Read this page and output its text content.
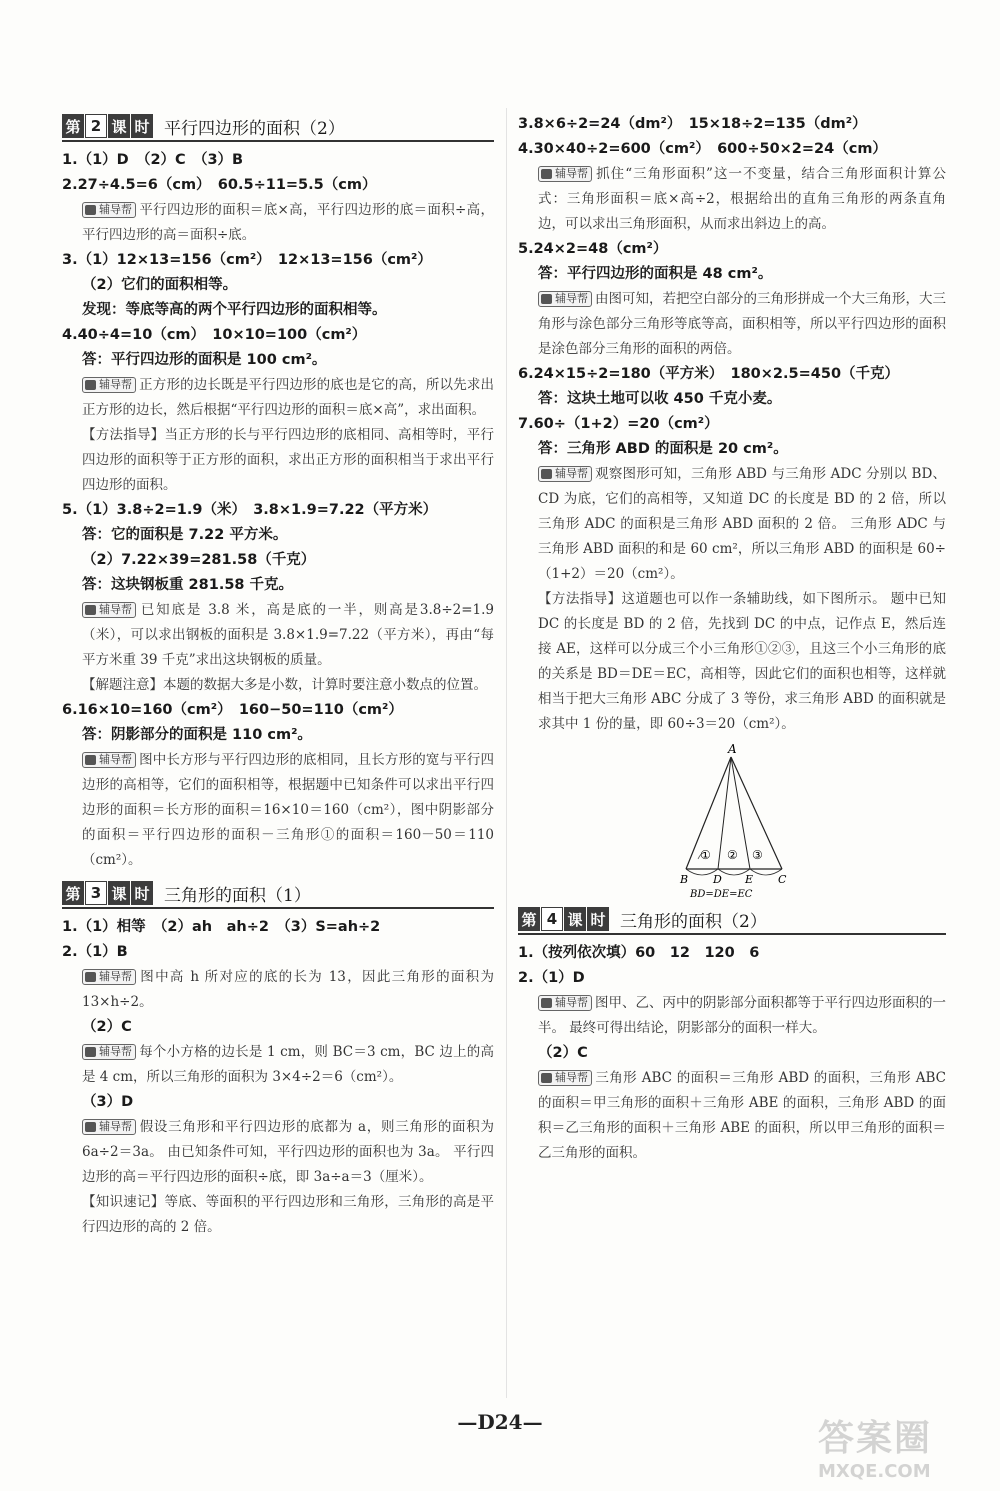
第 2 课 时 平行四边形的面积（2）
1.（1）D　（2）C　（3）B
2.27÷4.5=6（cm）　60.5÷11=5.5（cm）
辅导帮 平行四边形的面积＝底×高，平行四边形的底＝面积÷高，平行四边形的高＝面积÷底。
3.（1）12×13=156（cm²）　12×13=156（cm²）
（2）它们的面积相等。
发现：等底等高的两个平行四边形的面积相等。
4.40÷4=10（cm）　10×10=100（cm²）
答：平行四边形的面积是 100 cm²。
辅导帮 正方形的边长既是平行四边形的底也是它的高，所以先求出正方形的边长，然后根据“平行四边形的面积＝底×高”，求出面积。
【方法指导】当正方形的长与平行四边形的底相同、高相等时，平行四边形的面积等于正方形的面积，求出正方形的面积相当于求出平行四边形的面积。
5.（1）3.8÷2=1.9（米）　3.8×1.9=7.22（平方米）
答：它的面积是 7.22 平方米。
（2）7.22×39=281.58（千克）
答：这块钢板重 281.58 千克。
辅导帮 已知底是 3.8 米，高是底的一半，则高是3.8÷2=1.9（米），可以求出钢板的面积是 3.8×1.9=7.22（平方米），再由“每平方米重 39 千克”求出这块钢板的质量。
【解题注意】本题的数据大多是小数，计算时要注意小数点的位置。
6.16×10=160（cm²）　160−50=110（cm²）
答：阴影部分的面积是 110 cm²。
辅导帮 图中长方形与平行四边形的底相同，且长方形的宽与平行四边形的高相等，它们的面积相等，根据题中已知条件可以求出平行四边形的面积＝长方形的面积＝16×10＝160（cm²），图中阴影部分的面积＝平行四边形的面积－三角形①的面积＝160－50＝110（cm²）。
第 3 课 时 三角形的面积（1）
1.（1）相等　（2）ah　ah÷2　（3）S=ah÷2
2.（1）B
辅导帮 图中高 h 所对应的底的长为 13，因此三角形的面积为 13×h÷2。
（2）C
辅导帮 每个小方格的边长是 1 cm，则 BC＝3 cm，BC 边上的高是 4 cm，所以三角形的面积为 3×4÷2＝6（cm²）。
（3）D
辅导帮 假设三角形和平行四边形的底都为 a，则三角形的面积为 6a÷2＝3a。 由已知条件可知，平行四边形的面积也为 3a。 平行四边形的高＝平行四边形的面积÷底，即 3a÷a＝3（厘米）。
【知识速记】等底、等面积的平行四边形和三角形，三角形的高是平行四边形的高的 2 倍。
3.8×6÷2=24（dm²）　15×18÷2=135（dm²）
4.30×40÷2=600（cm²）　600÷50×2=24（cm）
辅导帮 抓住“三角形面积”这一不变量，结合三角形面积计算公式：三角形面积＝底×高÷2，根据给出的直角三角形的两条直角边，可以求出三角形面积，从而求出斜边上的高。
5.24×2=48（cm²）
答：平行四边形的面积是 48 cm²。
辅导帮 由图可知，若把空白部分的三角形拼成一个大三角形，大三角形与涂色部分三角形等底等高，面积相等，所以平行四边形的面积是涂色部分三角形的面积的两倍。
6.24×15÷2=180（平方米）　180×2.5=450（千克）
答：这块土地可以收 450 千克小麦。
7.60÷（1+2）=20（cm²）
答：三角形 ABD 的面积是 20 cm²。
辅导帮 观察图形可知，三角形 ABD 与三角形 ADC 分别以 BD、CD 为底，它们的高相等，又知道 DC 的长度是 BD 的 2 倍，所以三角形 ADC 的面积是三角形 ABD 面积的 2 倍。 三角形 ADC 与三角形 ABD 面积的和是 60 cm²，所以三角形 ABD 的面积是 60÷（1+2）＝20（cm²）。
【方法指导】这道题也可以作一条辅助线，如下图所示。 题中已知 DC 的长度是 BD 的 2 倍，先找到 DC 的中点，记作点 E，然后连接 AE，这样可以分成三个小三角形①②③，且这三个小三角形的底的关系是 BD＝DE＝EC，高相等，因此它们的面积也相等，这样就相当于把大三角形 ABC 分成了 3 等份，求三角形 ABD 的面积就是求其中 1 份的量，即 60÷3＝20（cm²）。
A
① ② ③
B D E C
BD=DE=EC
第 4 课 时 三角形的面积（2）
1.（按列依次填）60　12　120　6
2.（1）D
辅导帮 图甲、乙、丙中的阴影部分面积都等于平行四边形面积的一半。 最终可得出结论，阴影部分的面积一样大。
（2）C
辅导帮 三角形 ABC 的面积＝三角形 ABD 的面积，三角形 ABC 的面积＝甲三角形的面积＋三角形 ABE 的面积，三角形 ABD 的面积＝乙三角形的面积＋三角形 ABE 的面积，所以甲三角形的面积＝乙三角形的面积。
—D24—	答案圈
MXQE.COM
